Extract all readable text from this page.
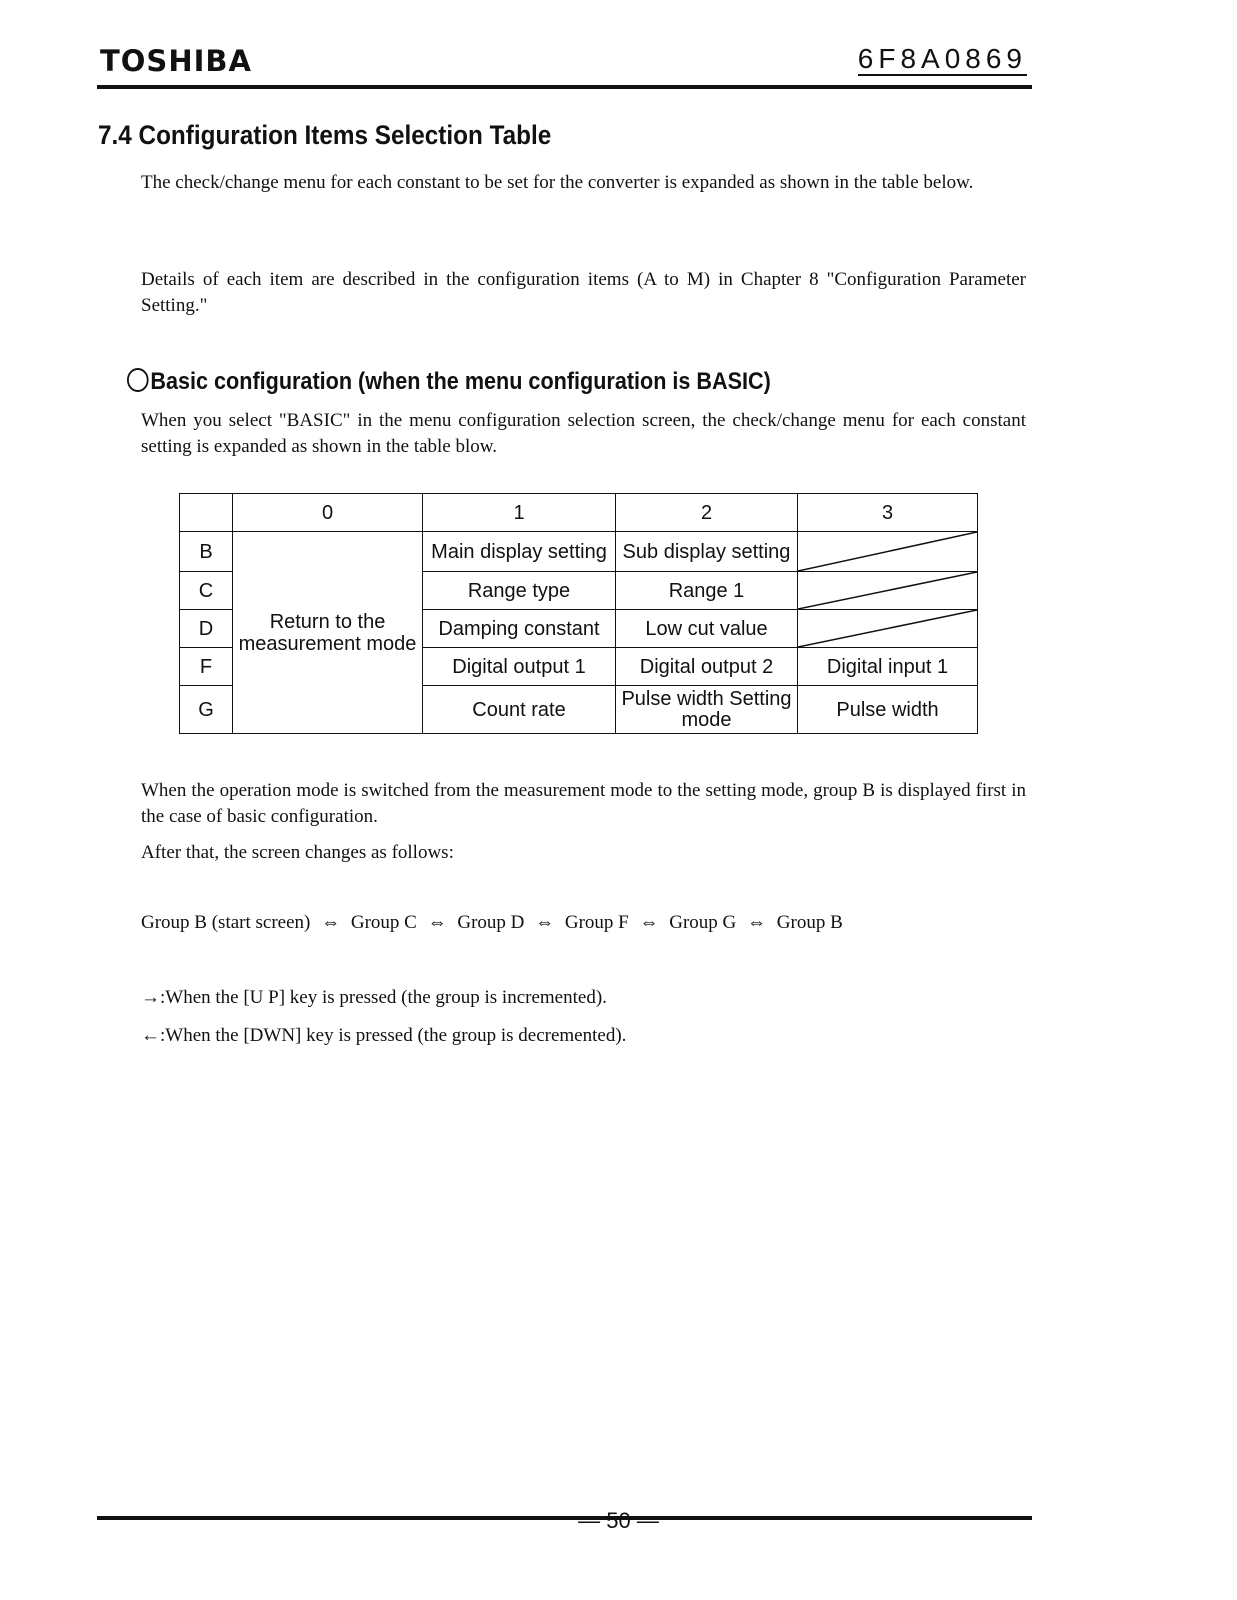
TOSHIBA	6F8A0869
7.4 Configuration Items Selection Table
The check/change menu for each constant to be set for the converter is expanded as shown in the table below.
Details of each item are described in the configuration items (A to M) in Chapter 8 "Configuration Parameter Setting."
Basic configuration (when the menu configuration is BASIC)
When you select "BASIC" in the menu configuration selection screen, the check/change menu for each constant setting is expanded as shown in the table blow.
	0	1	2	3
B	Return to the measurement mode	Main display setting	Sub display setting	

C		Range type	Range 1	

D		Damping constant	Low cut value	

F		Digital output 1	Digital output 2	Digital input 1
G		Count rate	Pulse width Setting mode	Pulse width
When the operation mode is switched from the measurement mode to the setting mode, group B is displayed first in the case of basic configuration.
After that, the screen changes as follows:
Group B (start screen) ⇔ Group C ⇔ Group D ⇔ Group F ⇔ Group G ⇔ Group B
→:When the [U P] key is pressed (the group is incremented).
←:When the [DWN] key is pressed (the group is decremented).
— 50 —
